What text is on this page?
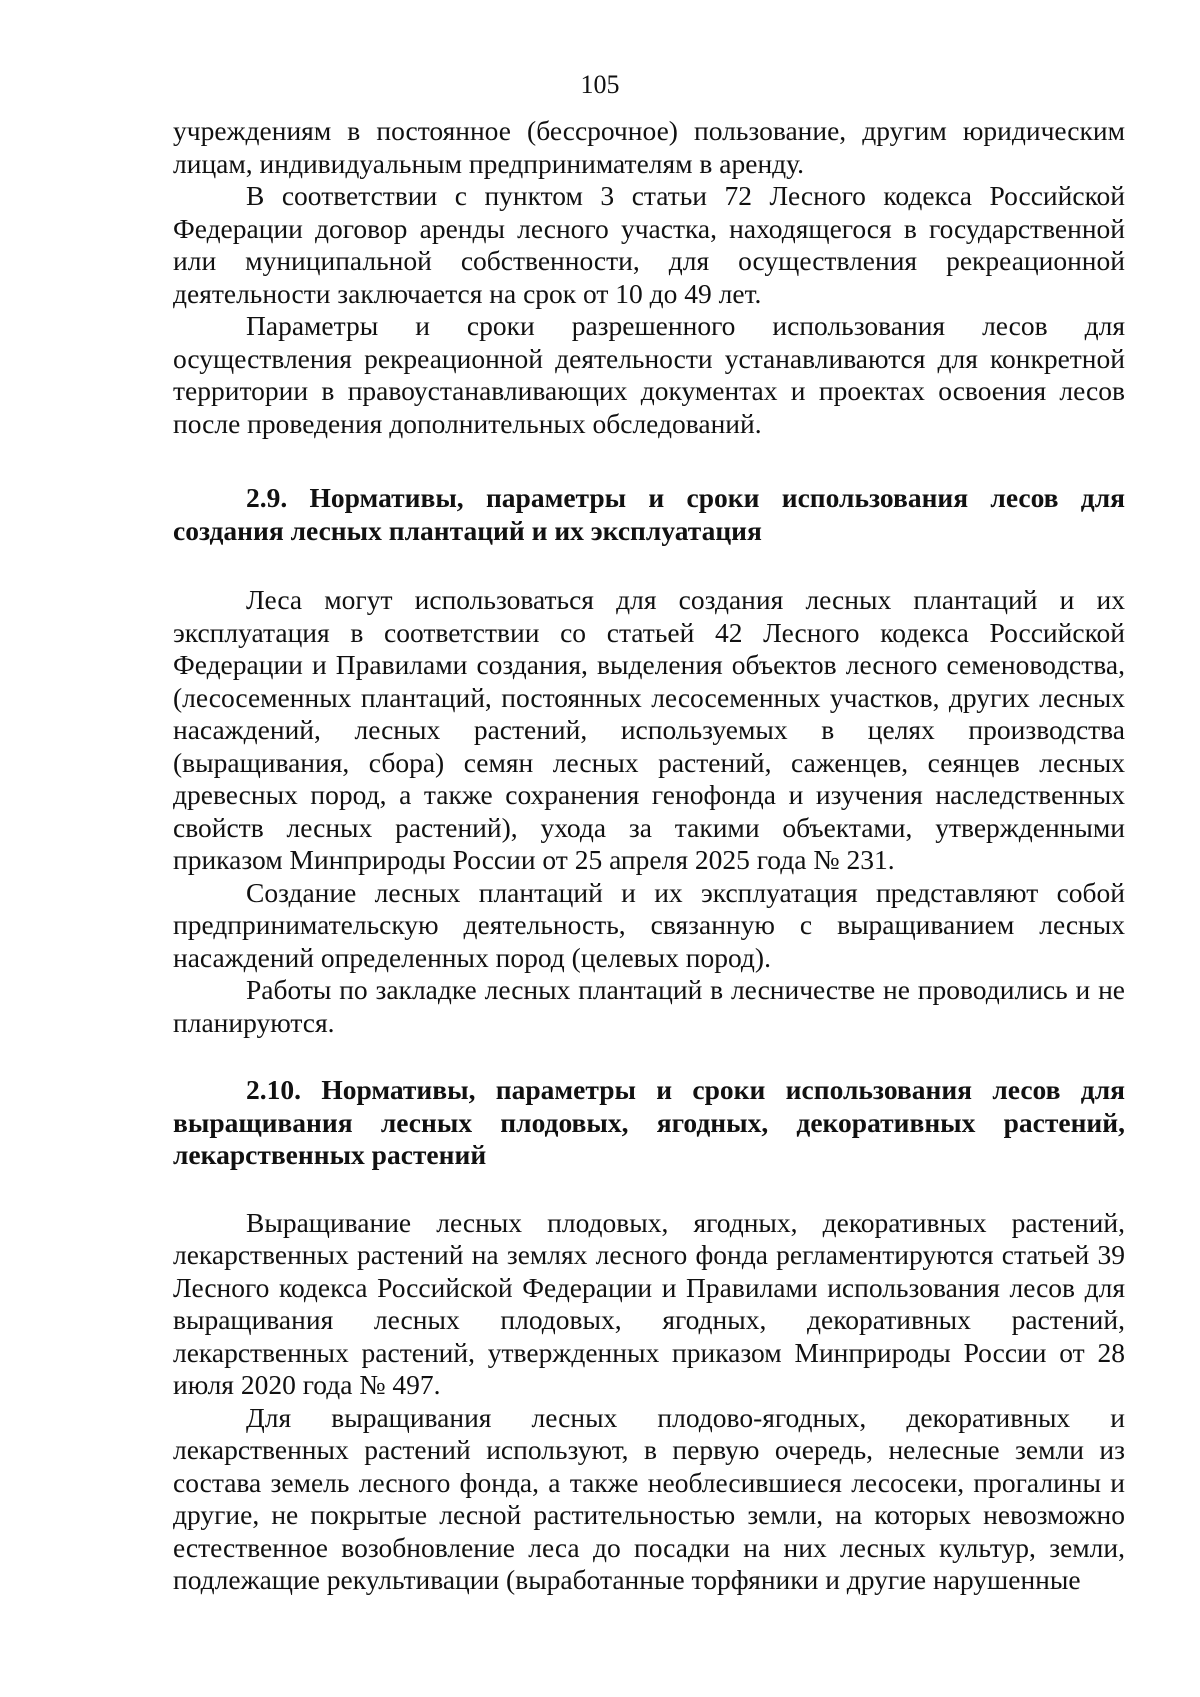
105

учреждениям в постоянное (бессрочное) пользование, другим юридическим лицам, индивидуальным предпринимателям в аренду.

В соответствии с пунктом 3 статьи 72 Лесного кодекса Российской Федерации договор аренды лесного участка, находящегося в государственной или муниципальной собственности, для осуществления рекреационной деятельности заключается на срок от 10 до 49 лет.

Параметры и сроки разрешенного использования лесов для осуществления рекреационной деятельности устанавливаются для конкретной территории в правоустанавливающих документах и проектах освоения лесов после проведения дополнительных обследований.

2.9. Нормативы, параметры и сроки использования лесов для создания лесных плантаций и их эксплуатация

Леса могут использоваться для создания лесных плантаций и их эксплуатация в соответствии со статьей 42 Лесного кодекса Российской Федерации и Правилами создания, выделения объектов лесного семеноводства, (лесосеменных плантаций, постоянных лесосеменных участков, других лесных насаждений, лесных растений, используемых в целях производства (выращивания, сбора) семян лесных растений, саженцев, сеянцев лесных древесных пород, а также сохранения генофонда и изучения наследственных свойств лесных растений), ухода за такими объектами, утвержденными приказом Минприроды России от 25 апреля 2025 года № 231.

Создание лесных плантаций и их эксплуатация представляют собой предпринимательскую деятельность, связанную с выращиванием лесных насаждений определенных пород (целевых пород).

Работы по закладке лесных плантаций в лесничестве не проводились и не планируются.

2.10. Нормативы, параметры и сроки использования лесов для выращивания лесных плодовых, ягодных, декоративных растений, лекарственных растений

Выращивание лесных плодовых, ягодных, декоративных растений, лекарственных растений на землях лесного фонда регламентируются статьей 39 Лесного кодекса Российской Федерации и Правилами использования лесов для выращивания лесных плодовых, ягодных, декоративных растений, лекарственных растений, утвержденных приказом Минприроды России от 28 июля 2020 года № 497.

Для выращивания лесных плодово-ягодных, декоративных и лекарственных растений используют, в первую очередь, нелесные земли из состава земель лесного фонда, а также необлесившиеся лесосеки, прогалины и другие, не покрытые лесной растительностью земли, на которых невозможно естественное возобновление леса до посадки на них лесных культур, земли, подлежащие рекультивации (выработанные торфяники и другие нарушенные
